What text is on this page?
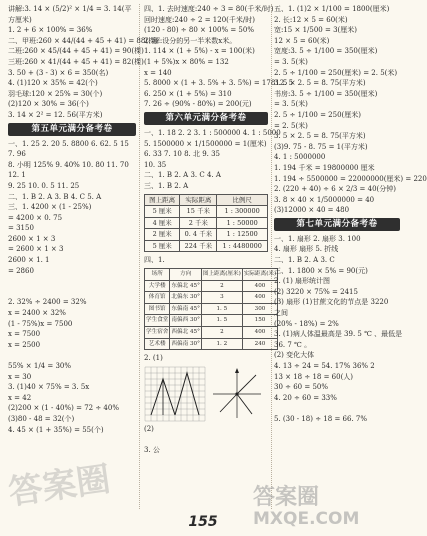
讲解:3. 14 × (5/2)² × 1/4 = 3. 14(平
方厘米)
1. 2 + 6 × 100% = 36%
二、甲班:260 × 44/(44 + 45 + 41) = 88(棵)
二班:260 × 45/(44 + 45 + 41) = 90(棵)
三班:260 × 41/(44 + 45 + 41) = 82(棵)
3. 50 + (3 - 3) × 6 = 350(名)
4. (1)120 × 35% = 42(个)
羽毛球:120 × 25% = 30(个)
(2)120 × 30% = 36(个)
3. 14 × 2² = 12. 56(平方米)
第五单元满分备考卷
一、1. 25 2. 20 5. 8800 6. 62. 5 15
7. 96
8. 小明 125% 9. 40% 10. 80 11. 70
12. 1
9. 25 10. 0. 5 11. 25
二、1. B 2. A 3. B 4. C 5. A
三、1. 4200 × (1 - 25%)
= 4200 × 0. 75
= 3150
2600 × 1 × 3
= 2600 × 1 × 3
2600 × 1. 1
= 2860

2. 32% ÷ 2400 = 32%
x = 2400 × 32%
(1 - 75%)x = 7500
x = 7500
x = 2500

55% × 1/4 = 30%
x = 30
3. (1)40 × 75% = 3. 5x
x = 42
(2)200 × (1 - 40%) = 72 ÷ 40%
(3)80 - 48 = 32(个)
4. 45 × (1 + 35%) = 55(个)
四、1. 去时速度:240 ÷ 3 = 80(千米/时)
回时速度:240 ÷ 2 = 120(千米/时)
(120 - 80) ÷ 80 × 100% = 50%
2. 解:设分的另一半米数x米。
1. 114 × (1 + 5%) - x = 100(米)
(1 + 5%)x × 80% = 132
x = 140
5. 8000 × (1 + 3. 5% + 3. 5%) = 17812. 5
6. 250 × (1 + 5%) = 310
7. 26 ÷ (90% - 80%) = 200(元)
第六单元满分备考卷
一、1. 18 2. 2 3. 1 : 500000 4. 1 : 5000
5. 1500000 × 1/1500000 = 1(厘米)
6. 33 7. 10 8. 北 9. 35
10. 35
二、1. B 2. A 3. C 4. A
三、1. B 2. A
图上距离	实际距离	比例尺
5 厘米	15 千米	1 : 300000
4 厘米	2 千米	1 : 50000
2 厘米	0. 4 千米	1 : 12500
5 厘米	224 千米	1 : 4480000
四、1.
场所	方向	图上距离(厘米)	实际距离(米)
大学楼	东偏北 45°	2	400
体育馆	北偏东 30°	3	400
图书馆	东偏南 45°	1. 5	300
学生食堂	南偏西 30°	1. 5	150
学生宿舍	西偏北 45°	2	400
艺术楼	西偏南 30°	1. 2	240
2. (1)
(2)

3. 公

五、1. (1)2 × 1/100 = 1800(厘米)
2. 长:12 × 5 = 60(米)
宽:15 × 1/500 = 3(厘米)
12 × 5 = 60(米)
宽度:3. 5 ÷ 1/100 = 350(厘米)
= 3. 5(米)
2. 5 ÷ 1/100 = 250(厘米) = 2. 5(米)
3. 5 × 2. 5 = 8. 75(平方米)
书房:3. 5 ÷ 1/100 = 350(厘米)
= 3. 5(米)
2. 5 ÷ 1/100 = 250(厘米)
= 2. 5(米)
3. 5 × 2. 5 = 8. 75(平方米)
(3)9. 75 - 8. 75 = 1(平方米)
4. 1 : 5000000
1. 194 千米 = 19800000 厘米
1. 194 ÷ 5500000 = 22000000(厘米) = 220
2. (220 + 40) ÷ 6 × 2/3 = 40(分钟)
3. 8 × 40 × 1/5000000 = 40
(3)12000 × 40 = 480
第七单元满分备考卷
一、1. 扇形 2. 扇形 3. 100
4. 扇形 扇形 5. 折线
二、1. B 2. A 3. C
三、1. 1800 × 5% = 90(元)
2. (1) 扇形统计图
(2) 3220 × 75% = 2415
(3) 扇形 (1)甘蔗文化的节点是 3220
之间
(20% - 18%) = 2%
3. (1)病人体温最高是 39. 5 ℃ 、最低是
36. 7 ℃ 。
(2) 变化大体
4. 13 ÷ 24 = 54. 17% 36% 2
13 × 18 ÷ 18 = 60(人)
30 ÷ 60 = 50%
4. 20 ÷ 60 = 33%

5. (30 - 18) ÷ 18 = 66. 7%

155
答案圈	答案圈
MXQE.COM
